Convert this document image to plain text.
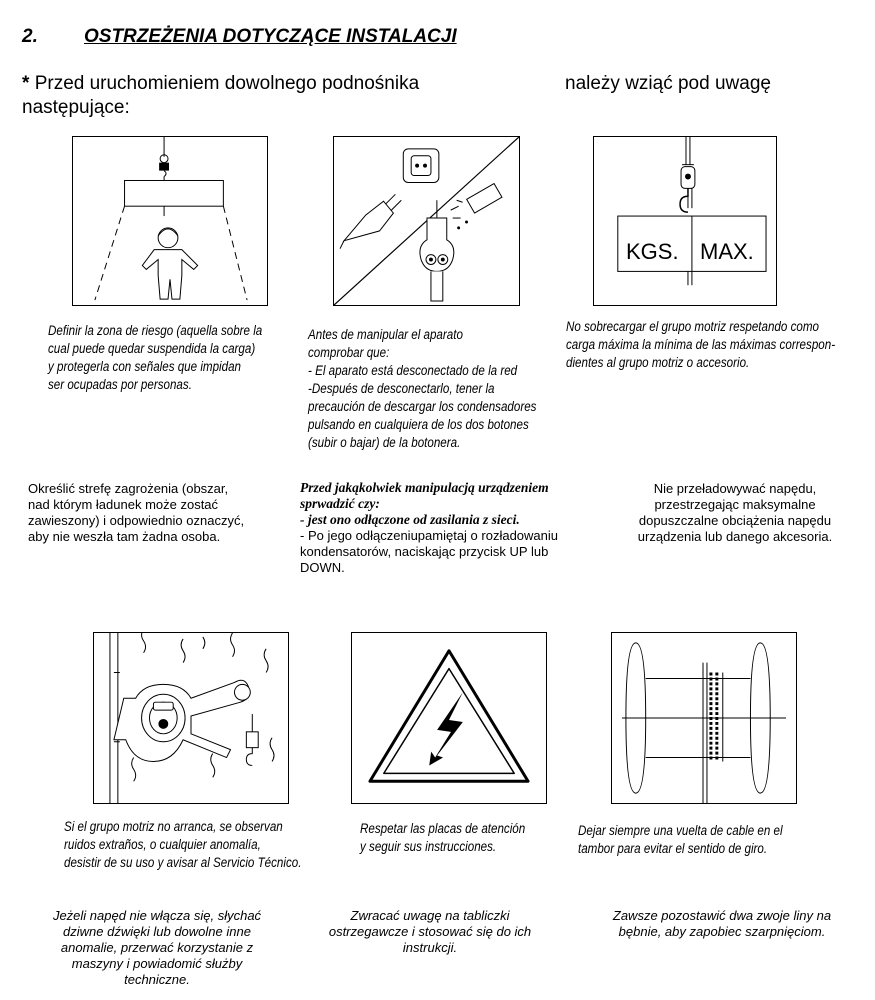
2. OSTRZEŻENIA DOTYCZĄCE INSTALACJI
* Przed uruchomieniem dowolnego podnośnika	należy wziąć pod uwagę

następujące:
Definir la zona de riesgo (aquella sobre la
cual puede quedar suspendida la carga)
y protegerla con señales que impidan
ser ocupadas por personas.
Określić strefę zagrożenia (obszar,
nad którym ładunek może zostać
zawieszony) i odpowiednio oznaczyć,
aby nie weszła tam żadna osoba.
Antes de manipular el aparato
comprobar que:
- El aparato está desconectado de la red
-Después de desconectarlo, tener la
precaución de descargar los condensadores
pulsando en cualquiera de los dos botones
(subir o bajar) de la botonera.
Przed jakąkolwiek manipulacją urządzeniem
sprwadzić czy:
- jest ono odłączone od zasilania z sieci.
- Po jego odłączeniupamiętaj o rozładowaniu
kondensatorów, naciskając przycisk UP lub
DOWN.
KGS. MAX.
No sobrecargar el grupo motriz respetando como
carga máxima la mínima de las máximas correspon-
dientes al grupo motriz o accesorio.
Nie przeładowywać napędu,
przestrzegając maksymalne
dopuszczalne obciążenia napędu
urządzenia lub danego akcesoria.
Si el grupo motriz no arranca, se observan
ruidos extraños, o cualquier anomalía,
desistir de su uso y avisar al Servicio Técnico.
Jeżeli napęd nie włącza się, słychać
dziwne dźwięki lub dowolne inne
anomalie, przerwać korzystanie z
maszyny i powiadomić służby
techniczne.
Respetar las placas de atención
y seguir sus instrucciones.
Zwracać uwagę na tabliczki
ostrzegawcze i stosować się do ich
instrukcji.
Dejar siempre una vuelta de cable en el
tambor para evitar el sentido de giro.
Zawsze pozostawić dwa zwoje liny na
bębnie, aby zapobiec szarpnięciom.
